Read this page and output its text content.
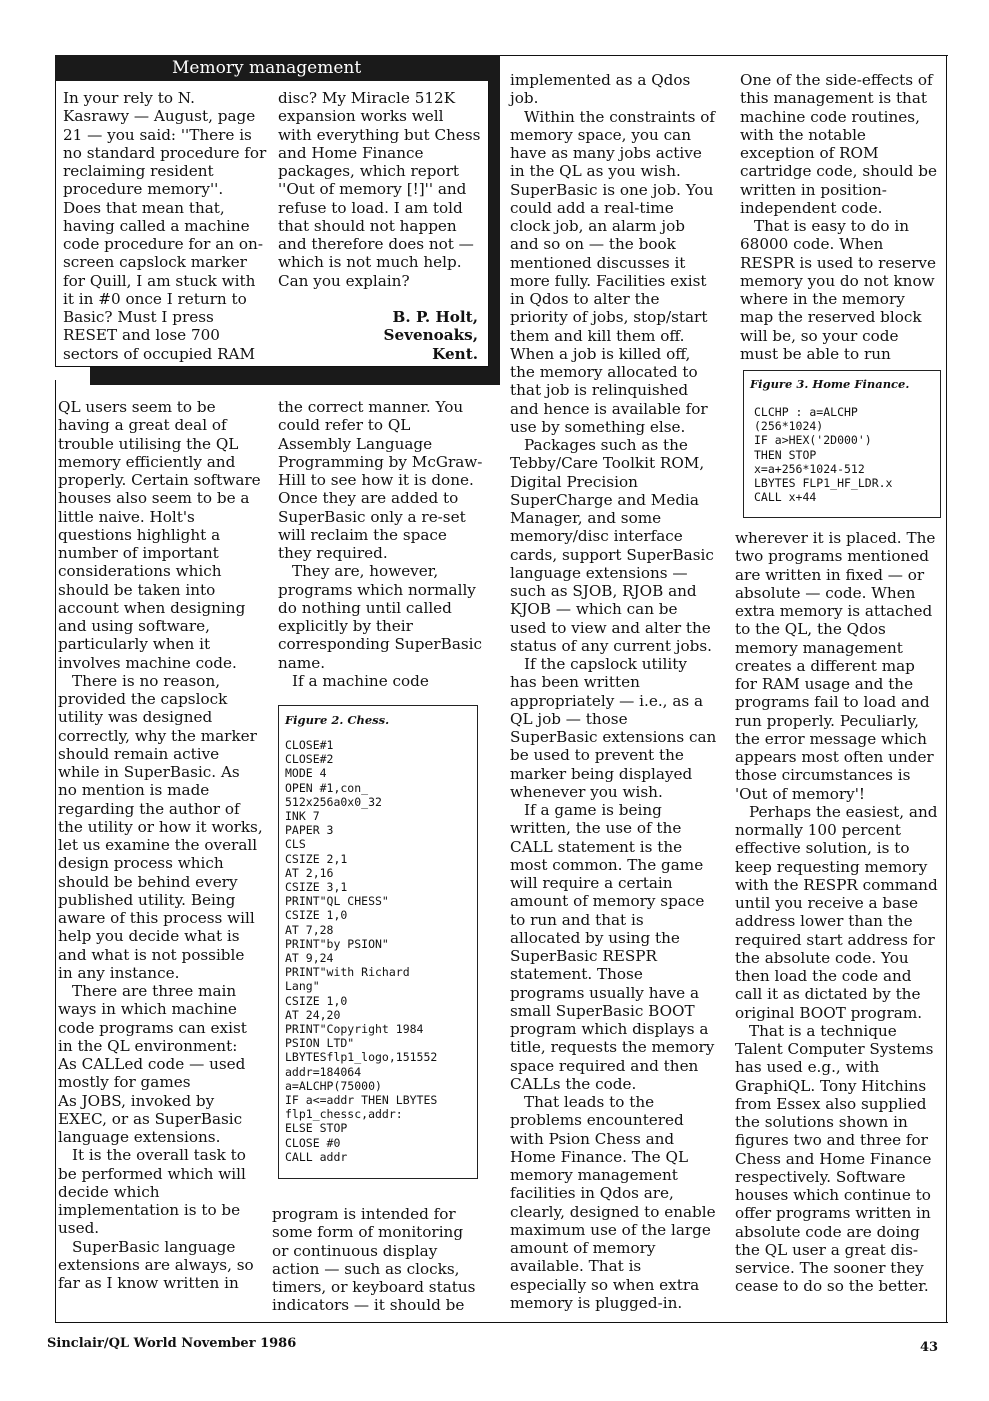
Memory management
In your rely to N.
Kasrawy — August, page
21 — you said: ''There is
no standard procedure for
reclaiming resident
procedure memory''.
Does that mean that,
having called a machine
code procedure for an on-
screen capslock marker
for Quill, I am stuck with
it in #0 once I return to
Basic? Must I press
RESET and lose 700
sectors of occupied RAM
disc? My Miracle 512K
expansion works well
with everything but Chess
and Home Finance
packages, which report
''Out of memory [!]'' and
refuse to load. I am told
that should not happen
and therefore does not —
which is not much help.
Can you explain?
B. P. Holt,
Sevenoaks,
Kent.

QL users seem to be having a great deal of trouble utilising the QL memory efficiently and properly. Certain software houses also seem to be a little naive. Holt's questions highlight a number of important considerations which should be taken into account when designing and using software, particularly when it involves machine code.

There is no reason, provided the capslock utility was designed correctly, why the marker should remain active while in SuperBasic. As no mention is made regarding the author of the utility or how it works, let us examine the overall design process which should be behind every published utility. Being aware of this process will help you decide what is and what is not possible in any instance.

There are three main ways in which machine code programs can exist in the QL environment:

As CALLed code — used mostly for games

As JOBS, invoked by EXEC, or as SuperBasic language extensions.

It is the overall task to be performed which will decide which implementation is to be used.

SuperBasic language extensions are always, so far as I know written in

the correct manner. You could refer to QL Assembly Language Programming by McGraw-Hill to see how it is done. Once they are added to SuperBasic only a re-set will reclaim the space they required.

They are, however, programs which normally do nothing until called explicitly by their corresponding SuperBasic name.

If a machine code

Figure 2. Chess.
CLOSE#1
CLOSE#2
MODE 4
OPEN #1,con_
512x256a0x0_32
INK 7
PAPER 3
CLS
CSIZE 2,1
AT 2,16
CSIZE 3,1
PRINT"QL CHESS"
CSIZE 1,0
AT 7,28
PRINT"by PSION"
AT 9,24
PRINT"with Richard
Lang"
CSIZE 1,0
AT 24,20
PRINT"Copyright 1984
PSION LTD"
LBYTESflp1_logo,151552
addr=184064
a=ALCHP(75000)
IF a<=addr THEN LBYTES
flp1_chessc,addr:
ELSE STOP
CLOSE #0
CALL addr

program is intended for some form of monitoring or continuous display action — such as clocks, timers, or keyboard status indicators — it should be

implemented as a Qdos job.

Within the constraints of memory space, you can have as many jobs active in the QL as you wish. SuperBasic is one job. You could add a real-time clock job, an alarm job and so on — the book mentioned discusses it more fully. Facilities exist in Qdos to alter the priority of jobs, stop/start them and kill them off. When a job is killed off, the memory allocated to that job is relinquished and hence is available for use by something else.

Packages such as the Tebby/Care Toolkit ROM, Digital Precision SuperCharge and Media Manager, and some memory/disc interface cards, support SuperBasic language extensions — such as SJOB, RJOB and KJOB — which can be used to view and alter the status of any current jobs.

If the capslock utility has been written appropriately — i.e., as a QL job — those SuperBasic extensions can be used to prevent the marker being displayed whenever you wish.

If a game is being written, the use of the CALL statement is the most common. The game will require a certain amount of memory space to run and that is allocated by using the SuperBasic RESPR statement. Those programs usually have a small SuperBasic BOOT program which displays a title, requests the memory space required and then CALLs the code.

That leads to the problems encountered with Psion Chess and Home Finance. The QL memory management facilities in Qdos are, clearly, designed to enable maximum use of the large amount of memory available. That is especially so when extra memory is plugged-in.

One of the side-effects of this management is that machine code routines, with the notable exception of ROM cartridge code, should be written in position-independent code.

That is easy to do in 68000 code. When RESPR is used to reserve memory you do not know where in the memory map the reserved block will be, so your code must be able to run

Figure 3. Home Finance.
CLCHP : a=ALCHP
(256*1024)
IF a>HEX('2D000')
THEN STOP
x=a+256*1024-512
LBYTES FLP1_HF_LDR.x
CALL x+44

wherever it is placed. The two programs mentioned are written in fixed — or absolute — code. When extra memory is attached to the QL, the Qdos memory management creates a different map for RAM usage and the programs fail to load and run properly. Peculiarly, the error message which appears most often under those circumstances is 'Out of memory'!

Perhaps the easiest, and normally 100 percent effective solution, is to keep requesting memory with the RESPR command until you receive a base address lower than the required start address for the absolute code. You then load the code and call it as dictated by the original BOOT program.

That is a technique Talent Computer Systems has used e.g., with GraphiQL. Tony Hitchins from Essex also supplied the solutions shown in figures two and three for Chess and Home Finance respectively. Software houses which continue to offer programs written in absolute code are doing the QL user a great dis-service. The sooner they cease to do so the better.

Sinclair/QL World November 1986	43
